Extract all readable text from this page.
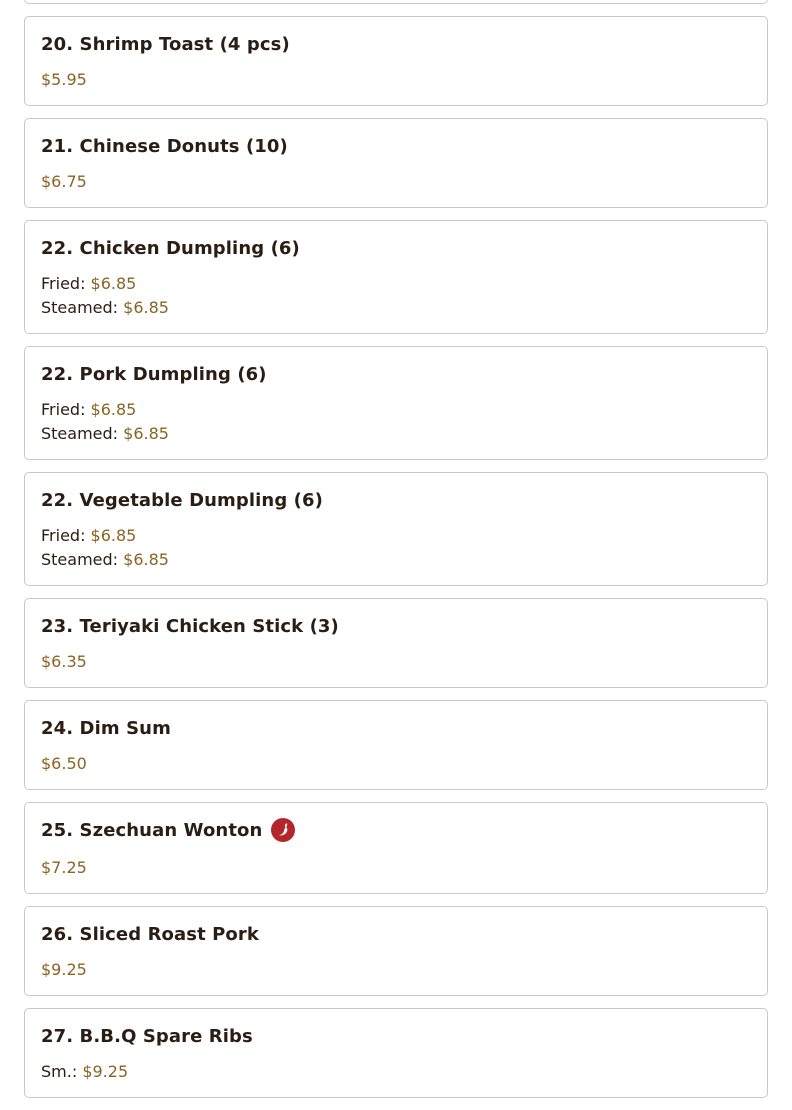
20. Shrimp Toast (4 pcs)
$5.95
21. Chinese Donuts (10)
$6.75
22. Chicken Dumpling (6)
Fried: $6.85
Steamed: $6.85
22. Pork Dumpling (6)
Fried: $6.85
Steamed: $6.85
22. Vegetable Dumpling (6)
Fried: $6.85
Steamed: $6.85
23. Teriyaki Chicken Stick (3)
$6.35
24. Dim Sum
$6.50
25. Szechuan Wonton
$7.25
26. Sliced Roast Pork
$9.25
27. B.B.Q Spare Ribs
Sm.: $9.25
